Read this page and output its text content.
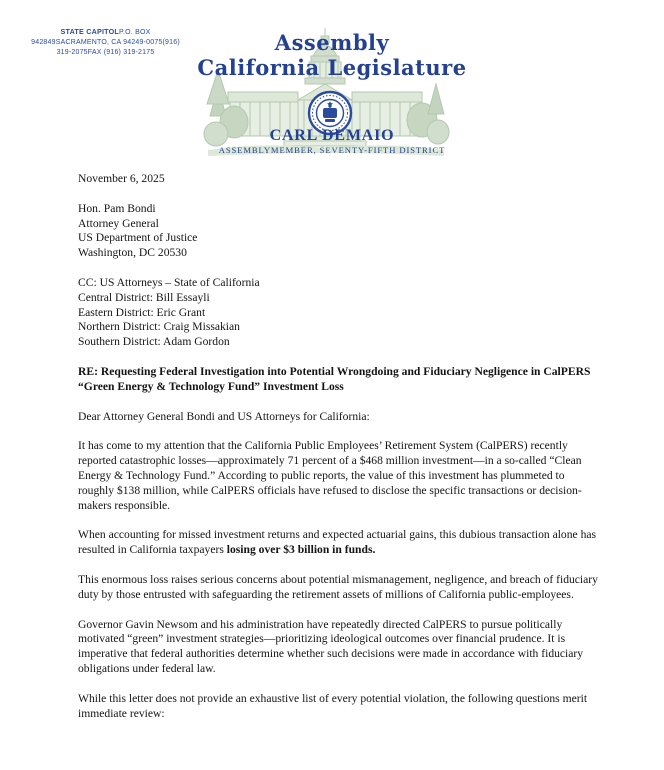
STATE CAPITOLP.O. BOX 942849SACRAMENTO, CA 94249-0075(916) 319-2075FAX (916) 319-2175	Assembly
California Legislature
CARL DEMAIO
ASSEMBLYMEMBER, SEVENTY-FIFTH DISTRICT

November 6, 2025

Hon. Pam Bondi
Attorney General
US Department of Justice
Washington, DC 20530
CC: US Attorneys – State of California
Central District: Bill Essayli
Eastern District: Eric Grant
Northern District: Craig Missakian
Southern District: Adam Gordon

RE: Requesting Federal Investigation into Potential Wrongdoing and Fiduciary Negligence in CalPERS “Green Energy & Technology Fund” Investment Loss

Dear Attorney General Bondi and US Attorneys for California:

It has come to my attention that the California Public Employees’ Retirement System (CalPERS) recently reported catastrophic losses—approximately 71 percent of a $468 million investment—in a so-called “Clean Energy & Technology Fund.” According to public reports, the value of this investment has plummeted to roughly $138 million, while CalPERS officials have refused to disclose the specific transactions or decision-makers responsible.

When accounting for missed investment returns and expected actuarial gains, this dubious transaction alone has resulted in California taxpayers losing over $3 billion in funds.

This enormous loss raises serious concerns about potential mismanagement, negligence, and breach of fiduciary duty by those entrusted with safeguarding the retirement assets of millions of California public-employees.

Governor Gavin Newsom and his administration have repeatedly directed CalPERS to pursue politically motivated “green” investment strategies—prioritizing ideological outcomes over financial prudence. It is imperative that federal authorities determine whether such decisions were made in accordance with fiduciary obligations under federal law.

While this letter does not provide an exhaustive list of every potential violation, the following questions merit immediate review:
